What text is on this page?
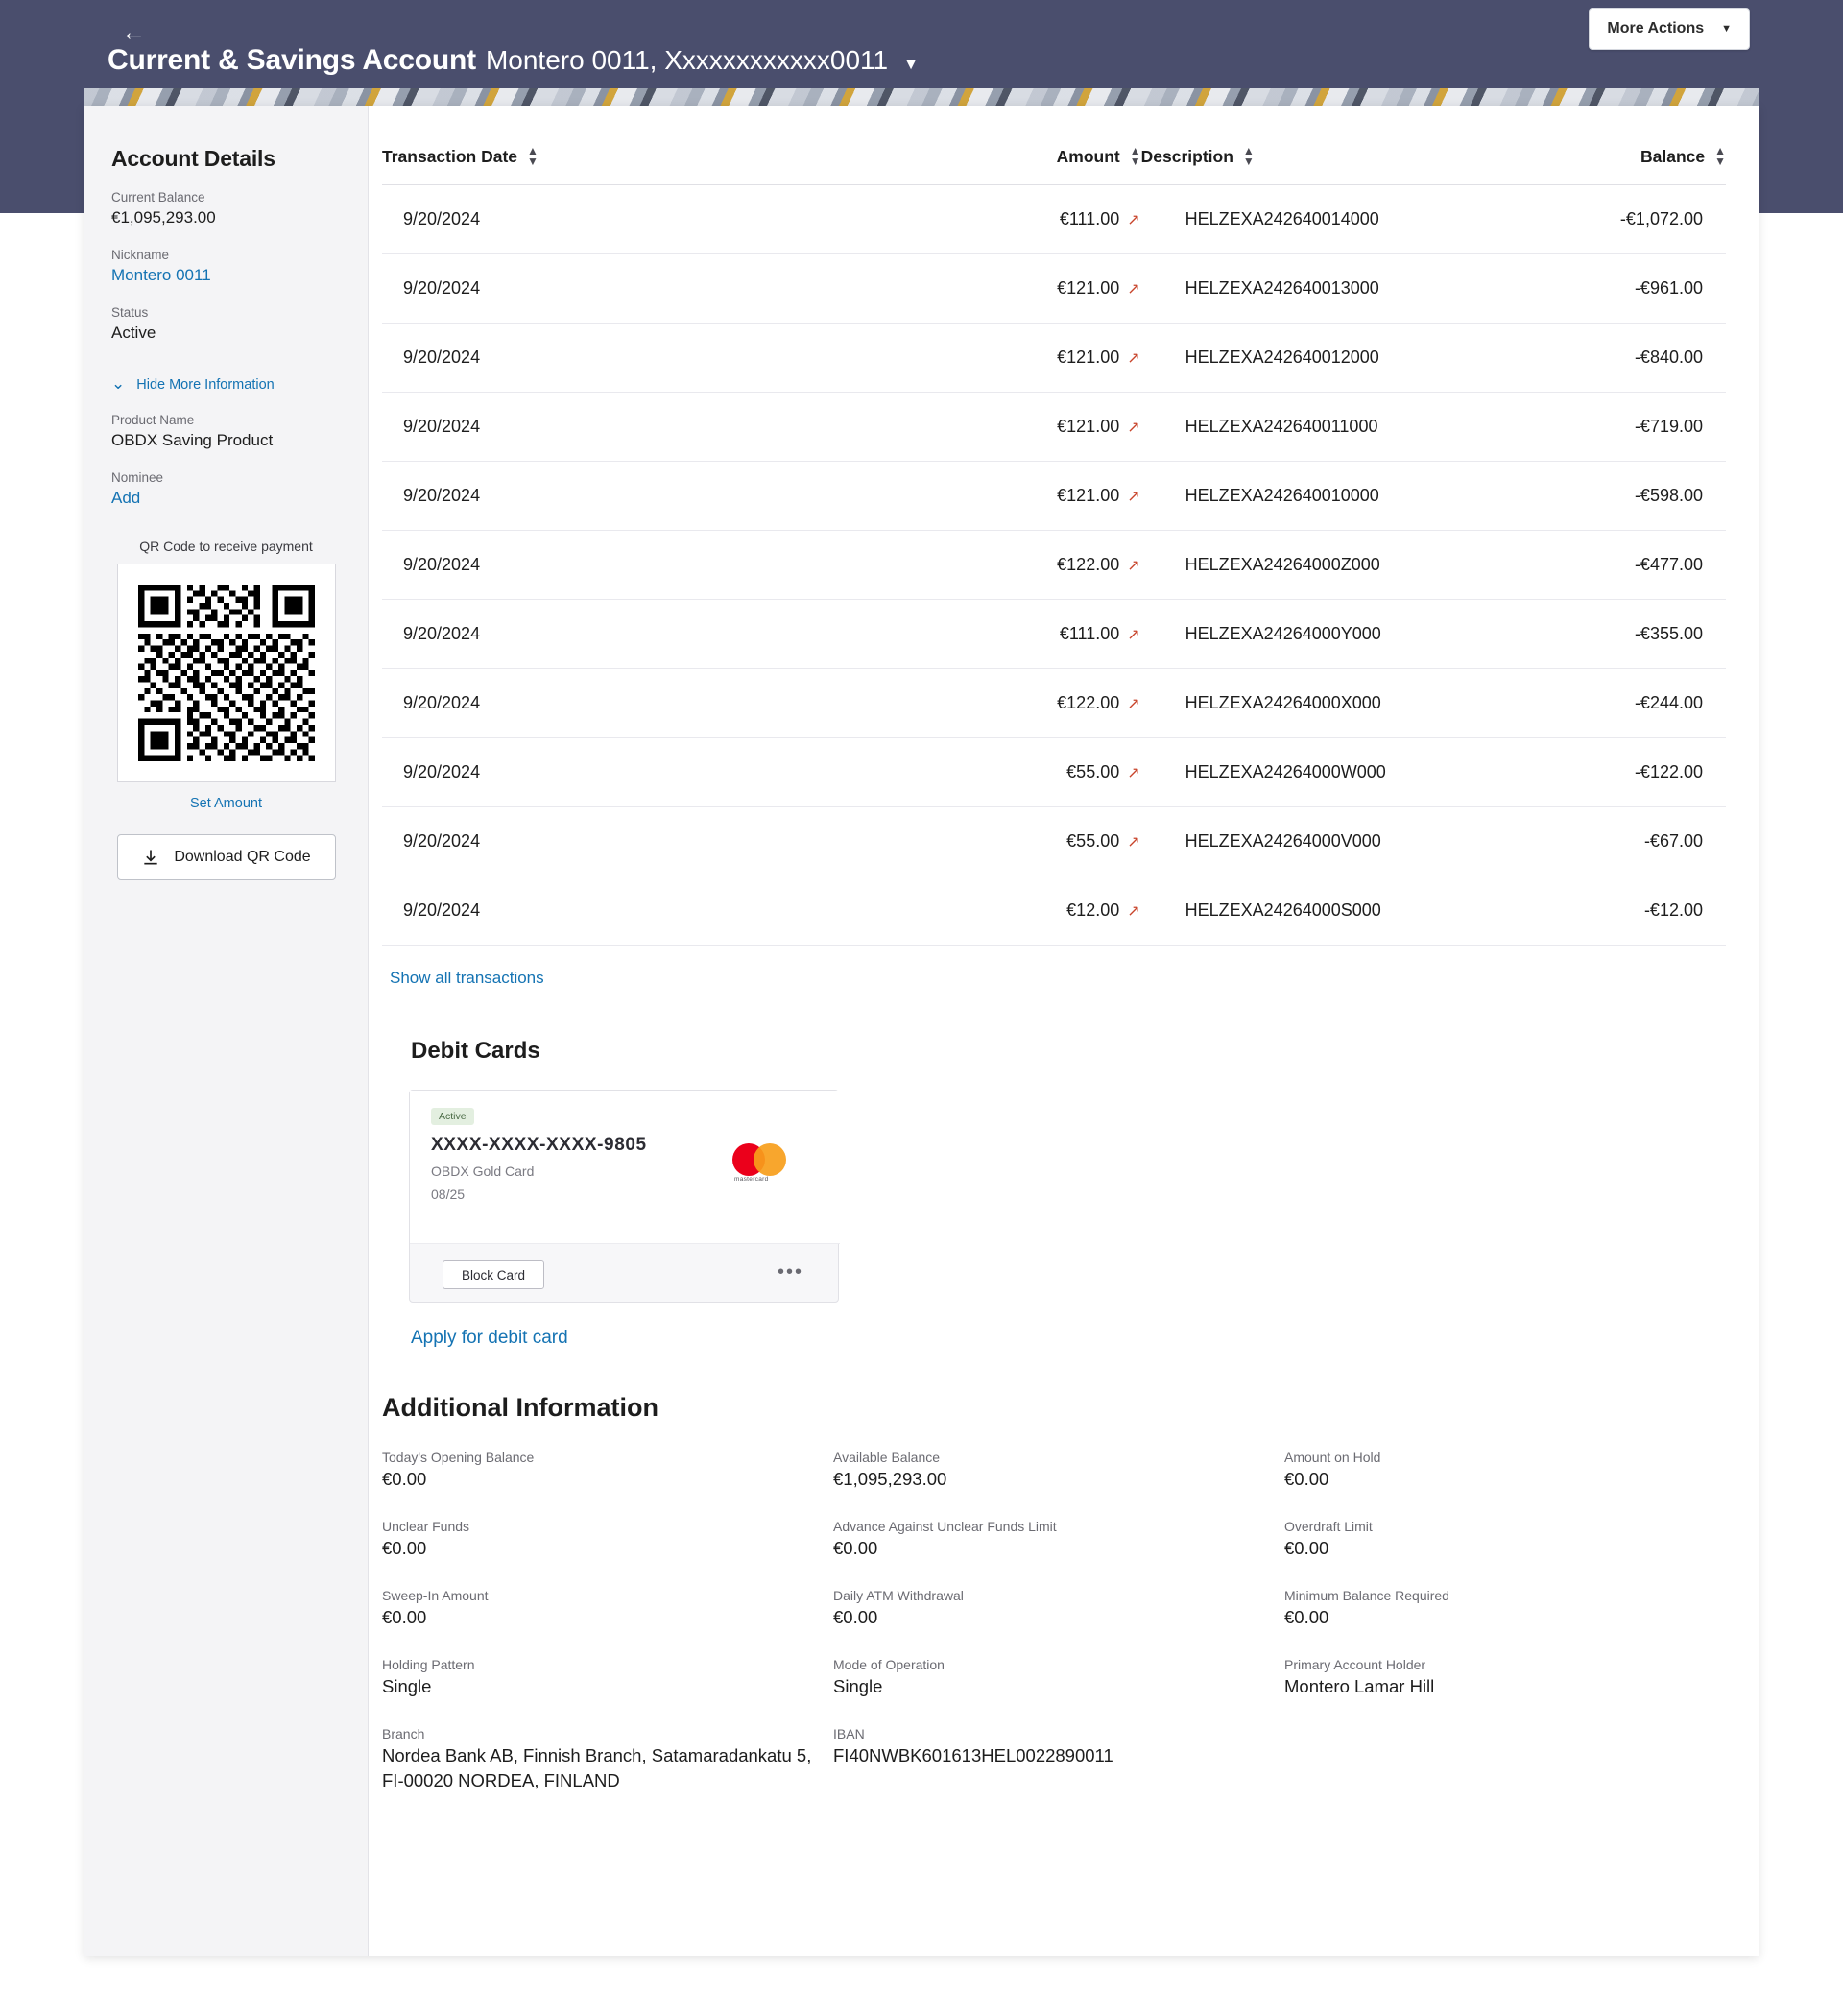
←
Current & Savings Account Montero 0011, Xxxxxxxxxxxx0011 ▼
More Actions ▼
Account Details
Current Balance
€1,095,293.00
Nickname
Montero 0011
Status
Active
⌄ Hide More Information
Product Name
OBDX Saving Product
Nominee
Add
QR Code to receive payment
Set Amount
Download QR Code
Transaction Date ▲
▼	Amount ▲
▼	Description ▲
▼	Balance ▲
▼

9/20/2024	€111.00 ↗	HELZEXA242640014000	-€1,072.00
9/20/2024	€121.00 ↗	HELZEXA242640013000	-€961.00
9/20/2024	€121.00 ↗	HELZEXA242640012000	-€840.00
9/20/2024	€121.00 ↗	HELZEXA242640011000	-€719.00
9/20/2024	€121.00 ↗	HELZEXA242640010000	-€598.00
9/20/2024	€122.00 ↗	HELZEXA24264000Z000	-€477.00
9/20/2024	€111.00 ↗	HELZEXA24264000Y000	-€355.00
9/20/2024	€122.00 ↗	HELZEXA24264000X000	-€244.00
9/20/2024	€55.00 ↗	HELZEXA24264000W000	-€122.00
9/20/2024	€55.00 ↗	HELZEXA24264000V000	-€67.00
9/20/2024	€12.00 ↗	HELZEXA24264000S000	-€12.00
Show all transactions
Debit Cards
Active
XXXX-XXXX-XXXX-9805
OBDX Gold Card
08/25
mastercard
Block Card	•••
Apply for debit card
Additional Information
Today's Opening Balance
€0.00
Available Balance
€1,095,293.00
Amount on Hold
€0.00
Unclear Funds
€0.00
Advance Against Unclear Funds Limit
€0.00
Overdraft Limit
€0.00
Sweep-In Amount
€0.00
Daily ATM Withdrawal
€0.00
Minimum Balance Required
€0.00
Holding Pattern
Single
Mode of Operation
Single
Primary Account Holder
Montero Lamar Hill
Branch
Nordea Bank AB, Finnish Branch, Satamaradankatu 5, FI-00020 NORDEA, FINLAND
IBAN
FI40NWBK601613HEL0022890011
